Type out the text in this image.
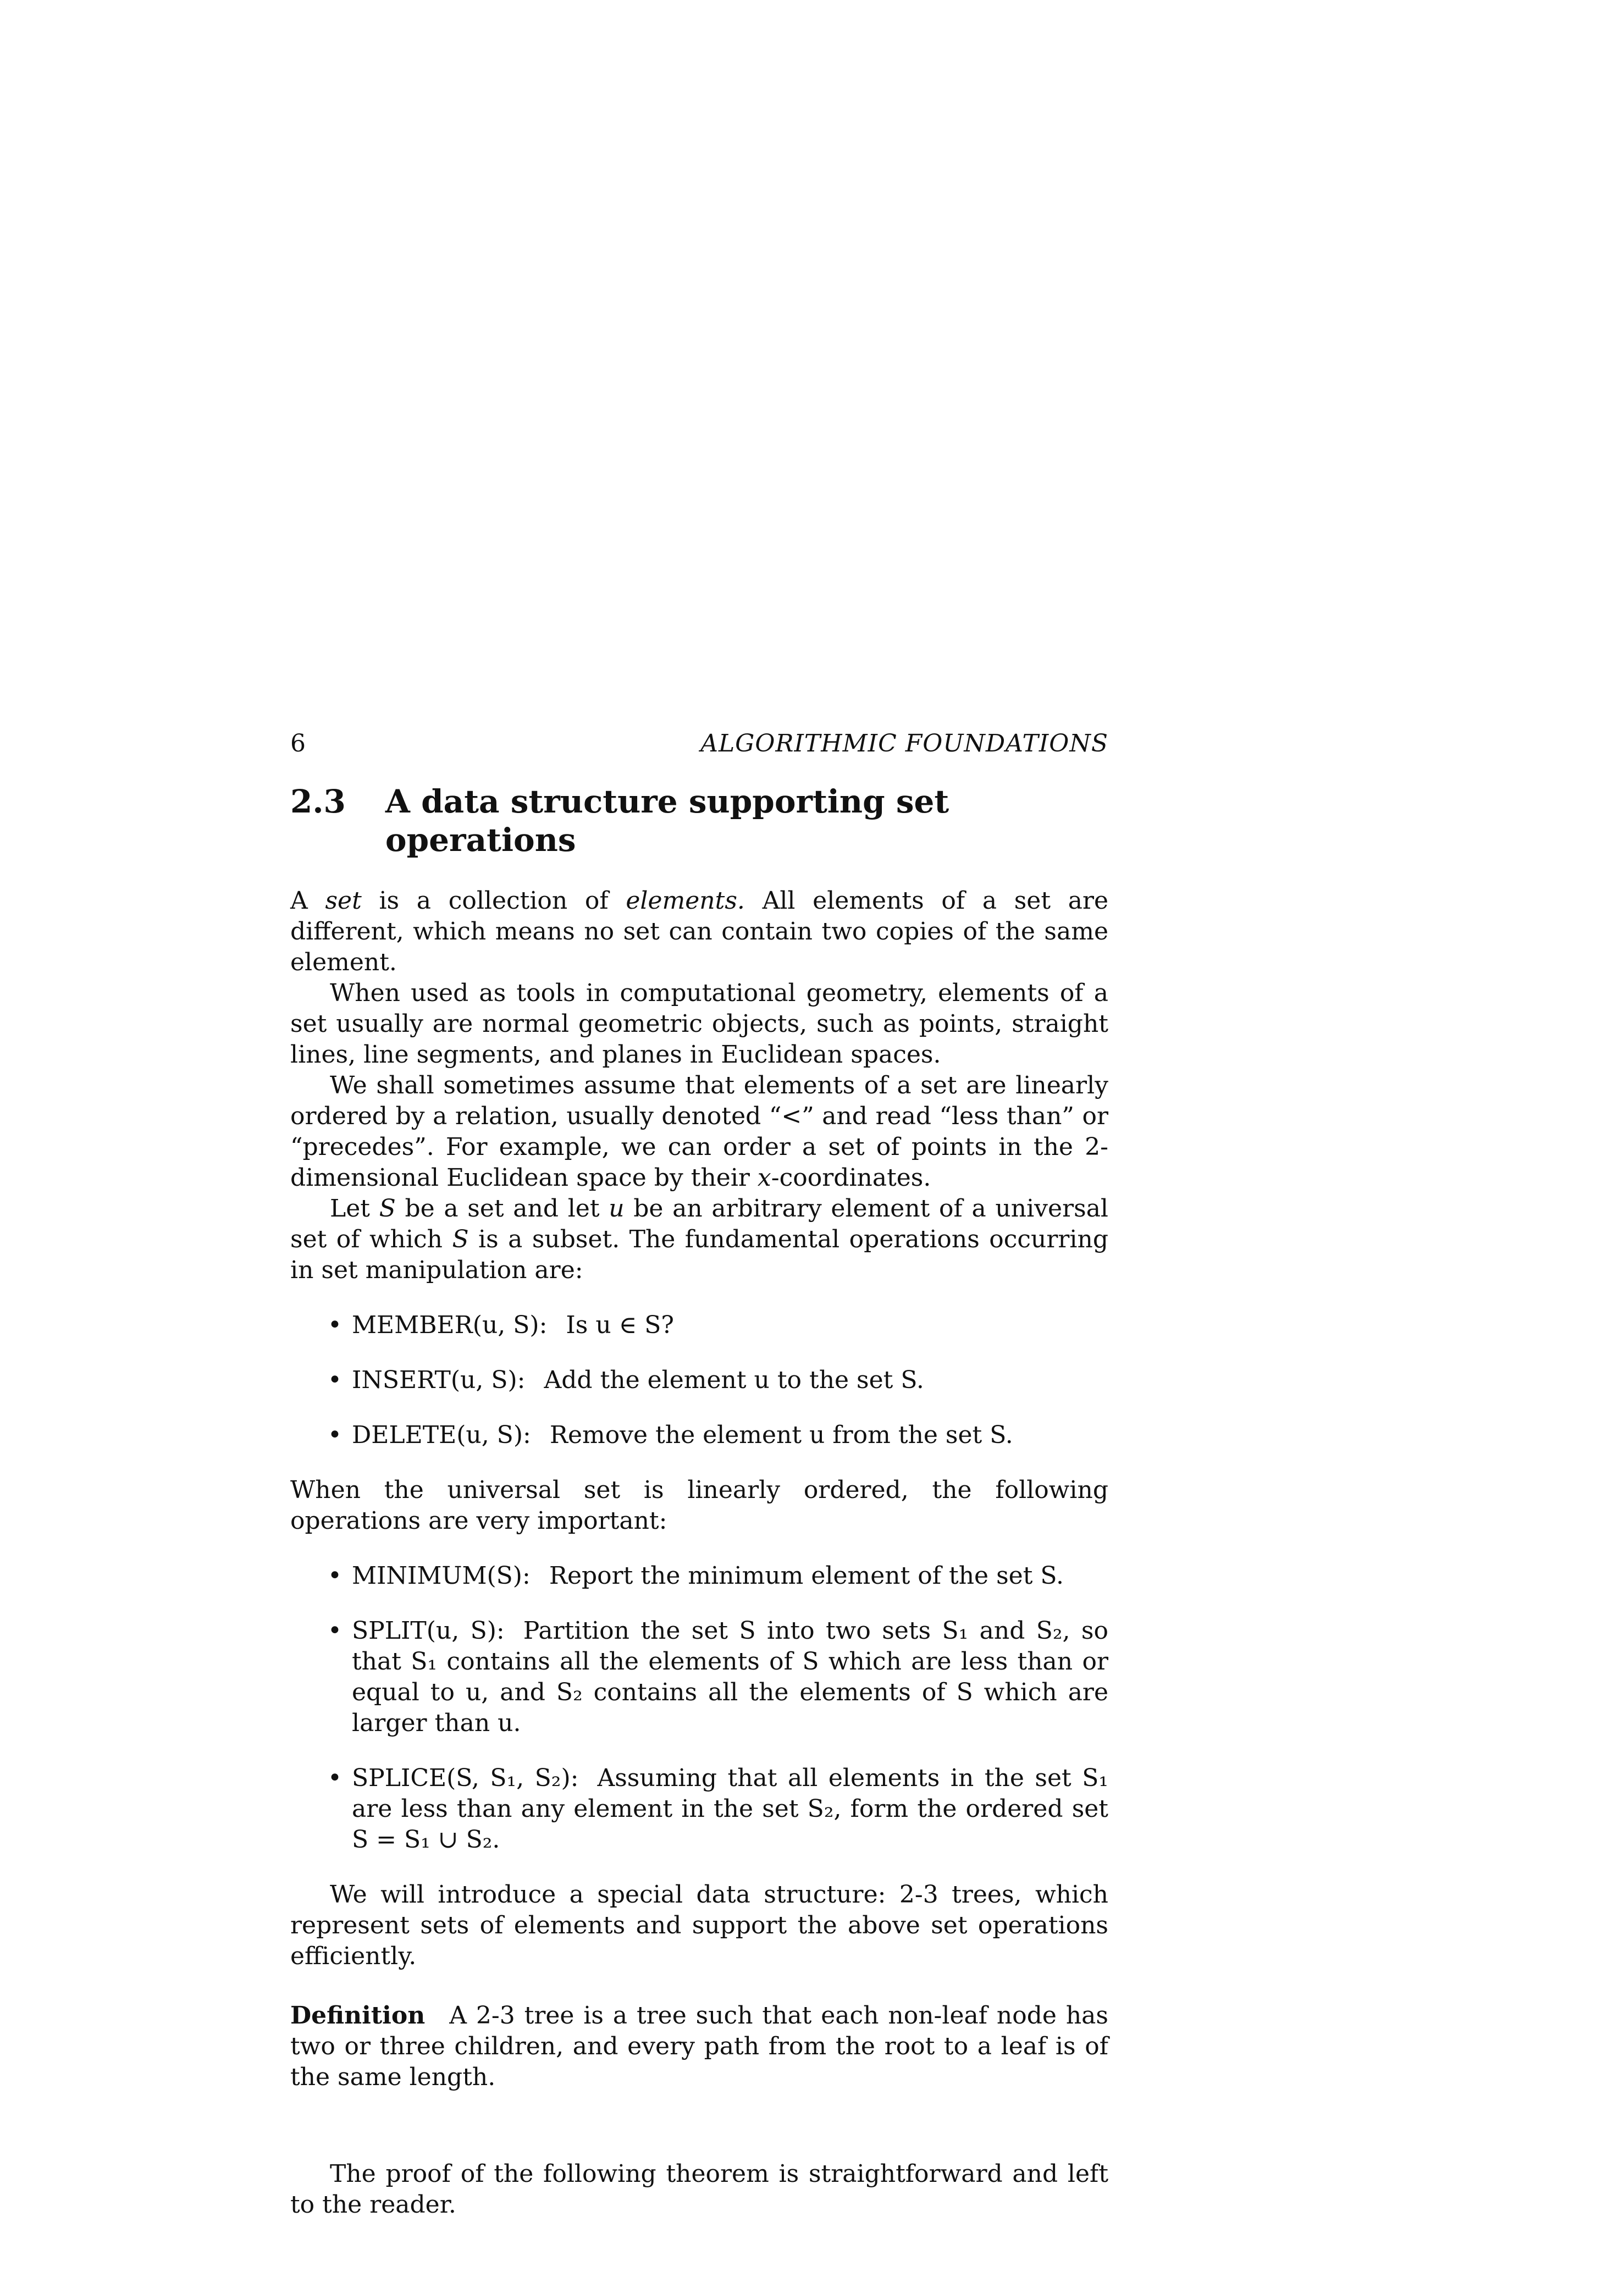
6	ALGORITHMIC FOUNDATIONS
2.3 A data structure supporting set operations

A set is a collection of elements. All elements of a set are different, which means no set can contain two copies of the same element.

When used as tools in computational geometry, elements of a set usually are normal geometric objects, such as points, straight lines, line segments, and planes in Euclidean spaces.

We shall sometimes assume that elements of a set are linearly ordered by a relation, usually denoted “<” and read “less than” or “precedes”. For example, we can order a set of points in the 2-dimensional Euclidean space by their x-coordinates.

Let S be a set and let u be an arbitrary element of a universal set of which S is a subset. The fundamental operations occurring in set manipulation are:

• MEMBER(u, S): Is u ∈ S?
• INSERT(u, S): Add the element u to the set S.
• DELETE(u, S): Remove the element u from the set S.

When the universal set is linearly ordered, the following operations are very important:

• MINIMUM(S): Report the minimum element of the set S.
• SPLIT(u, S): Partition the set S into two sets S₁ and S₂, so that S₁ contains all the elements of S which are less than or equal to u, and S₂ contains all the elements of S which are larger than u.
• SPLICE(S, S₁, S₂): Assuming that all elements in the set S₁ are less than any element in the set S₂, form the ordered set S = S₁ ∪ S₂.

We will introduce a special data structure: 2-3 trees, which represent sets of elements and support the above set operations efficiently.

Definition A 2-3 tree is a tree such that each non-leaf node has two or three children, and every path from the root to a leaf is of the same length.

The proof of the following theorem is straightforward and left to the reader.
